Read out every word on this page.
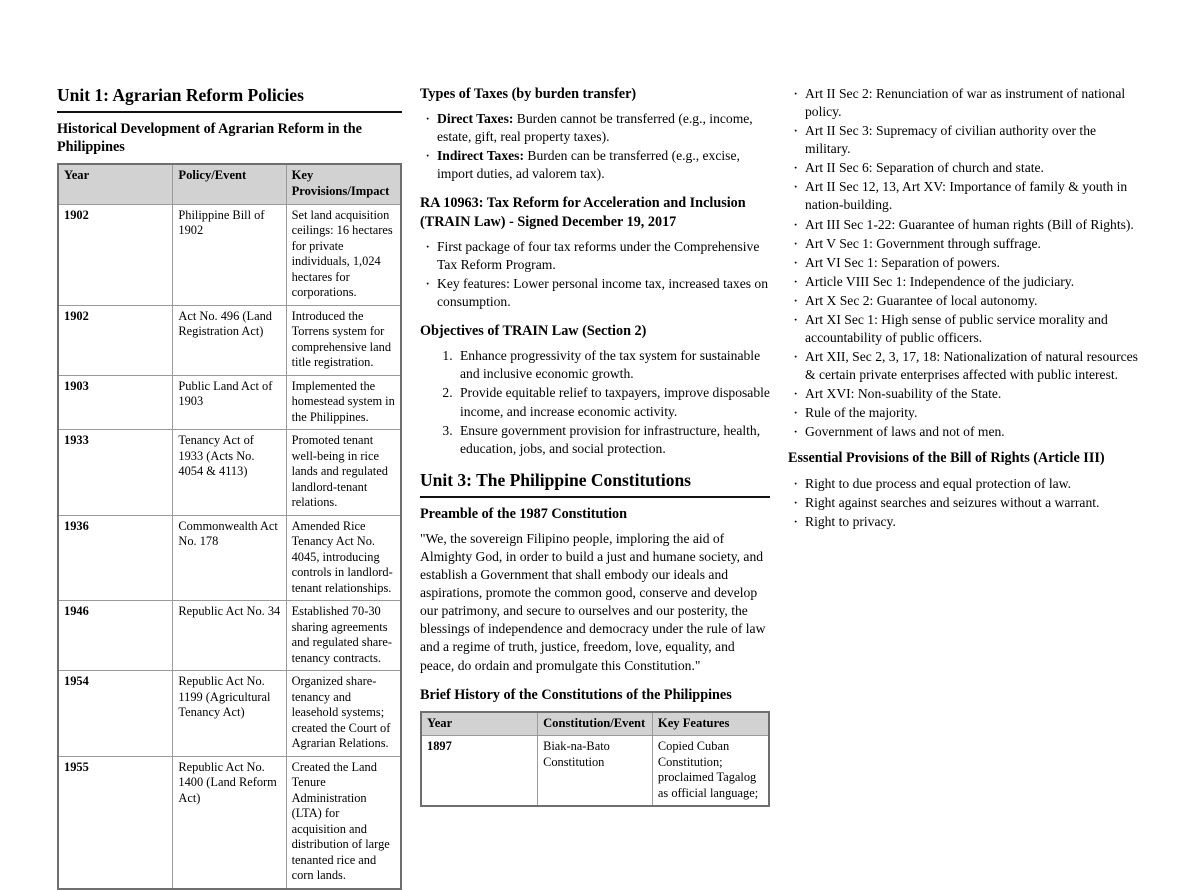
Unit 1: Agrarian Reform Policies
Historical Development of Agrarian Reform in the Philippines
Year	Policy/Event	Key Provisions/Impact
1902	Philippine Bill of 1902	Set land acquisition ceilings: 16 hectares for private individuals, 1,024 hectares for corporations.
1902	Act No. 496 (Land Registration Act)	Introduced the Torrens system for comprehensive land title registration.
1903	Public Land Act of 1903	Implemented the homestead system in the Philippines.
1933	Tenancy Act of 1933 (Acts No. 4054 & 4113)	Promoted tenant well-being in rice lands and regulated landlord-tenant relations.
1936	Commonwealth Act No. 178	Amended Rice Tenancy Act No. 4045, introducing controls in landlord-tenant relationships.
1946	Republic Act No. 34	Established 70-30 sharing agreements and regulated share-tenancy contracts.
1954	Republic Act No. 1199 (Agricultural Tenancy Act)	Organized share-tenancy and leasehold systems; created the Court of Agrarian Relations.
1955	Republic Act No. 1400 (Land Reform Act)	Created the Land Tenure Administration (LTA) for acquisition and distribution of large tenanted rice and corn lands.
Types of Taxes (by burden transfer)
· Direct Taxes: Burden cannot be transferred (e.g., income, estate, gift, real property taxes).
· Indirect Taxes: Burden can be transferred (e.g., excise, import duties, ad valorem tax).
RA 10963: Tax Reform for Acceleration and Inclusion (TRAIN Law) - Signed December 19, 2017
· First package of four tax reforms under the Comprehensive Tax Reform Program.
· Key features: Lower personal income tax, increased taxes on consumption.
Objectives of TRAIN Law (Section 2)
1. Enhance progressivity of the tax system for sustainable and inclusive economic growth.
2. Provide equitable relief to taxpayers, improve disposable income, and increase economic activity.
3. Ensure government provision for infrastructure, health, education, jobs, and social protection.
Unit 3: The Philippine Constitutions
Preamble of the 1987 Constitution

"We, the sovereign Filipino people, imploring the aid of Almighty God, in order to build a just and humane society, and establish a Government that shall embody our ideals and aspirations, promote the common good, conserve and develop our patrimony, and secure to ourselves and our posterity, the blessings of independence and democracy under the rule of law and a regime of truth, justice, freedom, love, equality, and peace, do ordain and promulgate this Constitution."

Brief History of the Constitutions of the Philippines
Year	Constitution/Event	Key Features
1897	Biak-na-Bato Constitution	Copied Cuban Constitution; proclaimed Tagalog as official language;
· Art II Sec 2: Renunciation of war as instrument of national policy.
· Art II Sec 3: Supremacy of civilian authority over the military.
· Art II Sec 6: Separation of church and state.
· Art II Sec 12, 13, Art XV: Importance of family & youth in nation-building.
· Art III Sec 1-22: Guarantee of human rights (Bill of Rights).
· Art V Sec 1: Government through suffrage.
· Art VI Sec 1: Separation of powers.
· Article VIII Sec 1: Independence of the judiciary.
· Art X Sec 2: Guarantee of local autonomy.
· Art XI Sec 1: High sense of public service morality and accountability of public officers.
· Art XII, Sec 2, 3, 17, 18: Nationalization of natural resources & certain private enterprises affected with public interest.
· Art XVI: Non-suability of the State.
· Rule of the majority.
· Government of laws and not of men.
Essential Provisions of the Bill of Rights (Article III)
· Right to due process and equal protection of law.
· Right against searches and seizures without a warrant.
· Right to privacy.
